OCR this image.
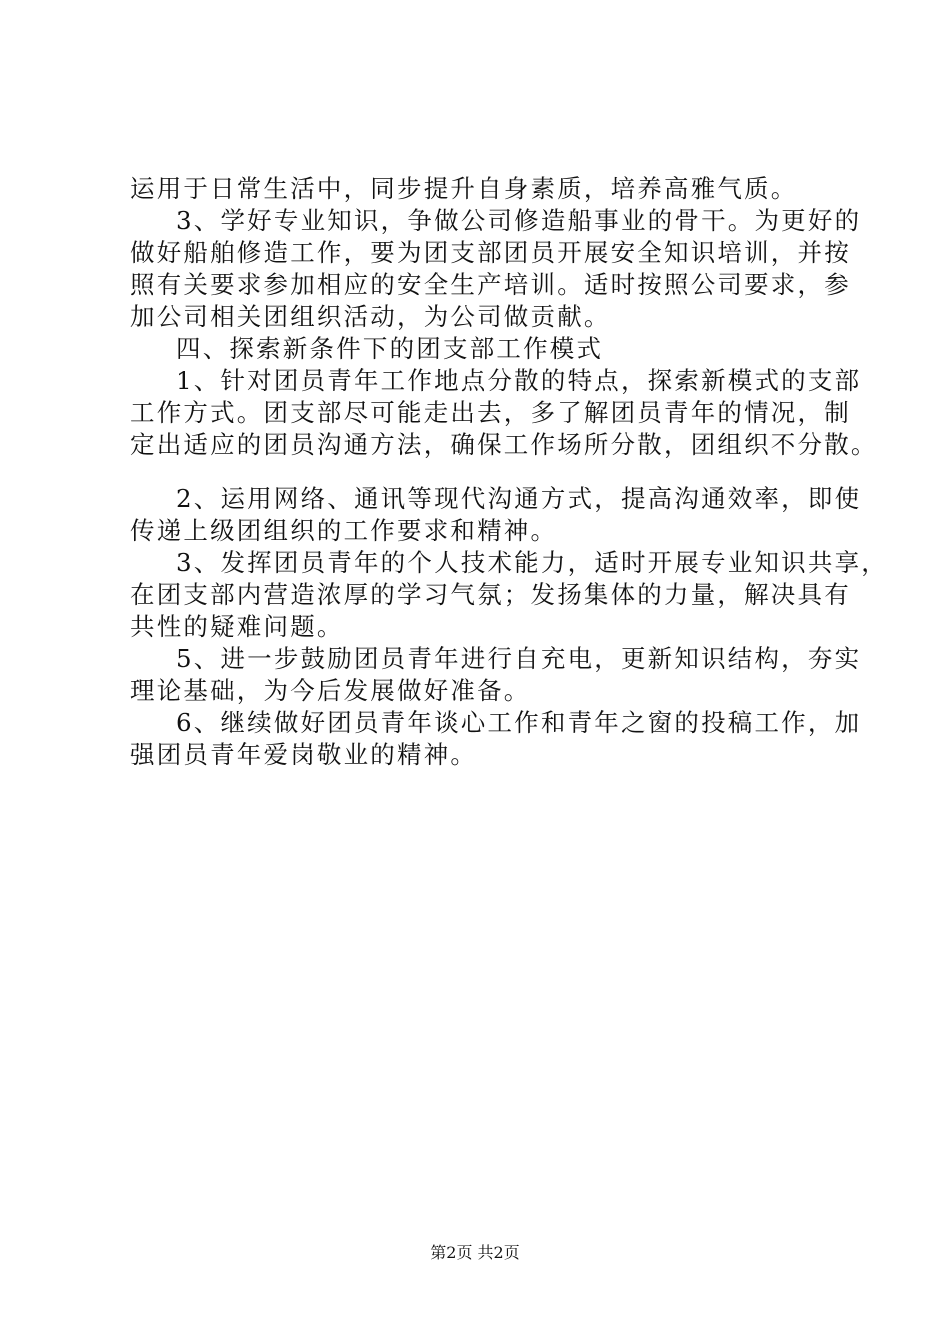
运用于日常生活中，同步提升自身素质，培养高雅气质。
3、学好专业知识，争做公司修造船事业的骨干。为更好的
做好船舶修造工作，要为团支部团员开展安全知识培训，并按
照有关要求参加相应的安全生产培训。适时按照公司要求，参
加公司相关团组织活动，为公司做贡献。
四、探索新条件下的团支部工作模式
1、针对团员青年工作地点分散的特点，探索新模式的支部
工作方式。团支部尽可能走出去，多了解团员青年的情况，制
定出适应的团员沟通方法，确保工作场所分散，团组织不分散。
2、运用网络、通讯等现代沟通方式，提高沟通效率，即使
传递上级团组织的工作要求和精神。
3、发挥团员青年的个人技术能力，适时开展专业知识共享，
在团支部内营造浓厚的学习气氛；发扬集体的力量，解决具有
共性的疑难问题。
5、进一步鼓励团员青年进行自充电，更新知识结构，夯实
理论基础，为今后发展做好准备。
6、继续做好团员青年谈心工作和青年之窗的投稿工作，加
强团员青年爱岗敬业的精神。
第2页 共2页
